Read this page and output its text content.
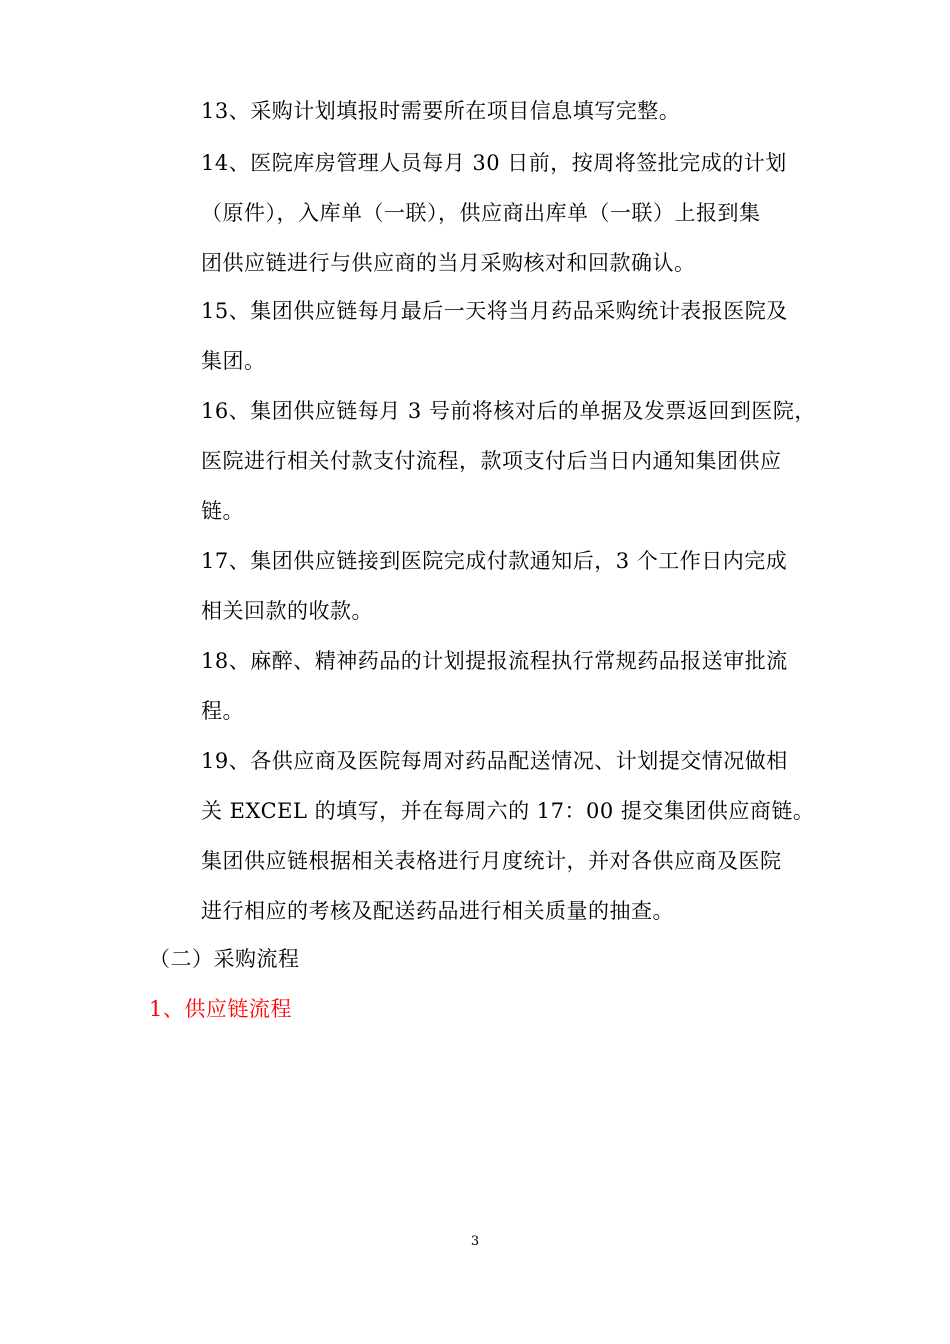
13、采购计划填报时需要所在项目信息填写完整。
14、医院库房管理人员每月 30 日前，按周将签批完成的计划
（原件），入库单（一联），供应商出库单（一联）上报到集
团供应链进行与供应商的当月采购核对和回款确认。
15、集团供应链每月最后一天将当月药品采购统计表报医院及
集团。
16、集团供应链每月 3 号前将核对后的单据及发票返回到医院，
医院进行相关付款支付流程，款项支付后当日内通知集团供应
链。
17、集团供应链接到医院完成付款通知后，3 个工作日内完成
相关回款的收款。
18、麻醉、精神药品的计划提报流程执行常规药品报送审批流
程。
19、各供应商及医院每周对药品配送情况、计划提交情况做相
关 EXCEL 的填写，并在每周六的 17：00 提交集团供应商链。
集团供应链根据相关表格进行月度统计，并对各供应商及医院
进行相应的考核及配送药品进行相关质量的抽查。
（二）采购流程
1、供应链流程
3
